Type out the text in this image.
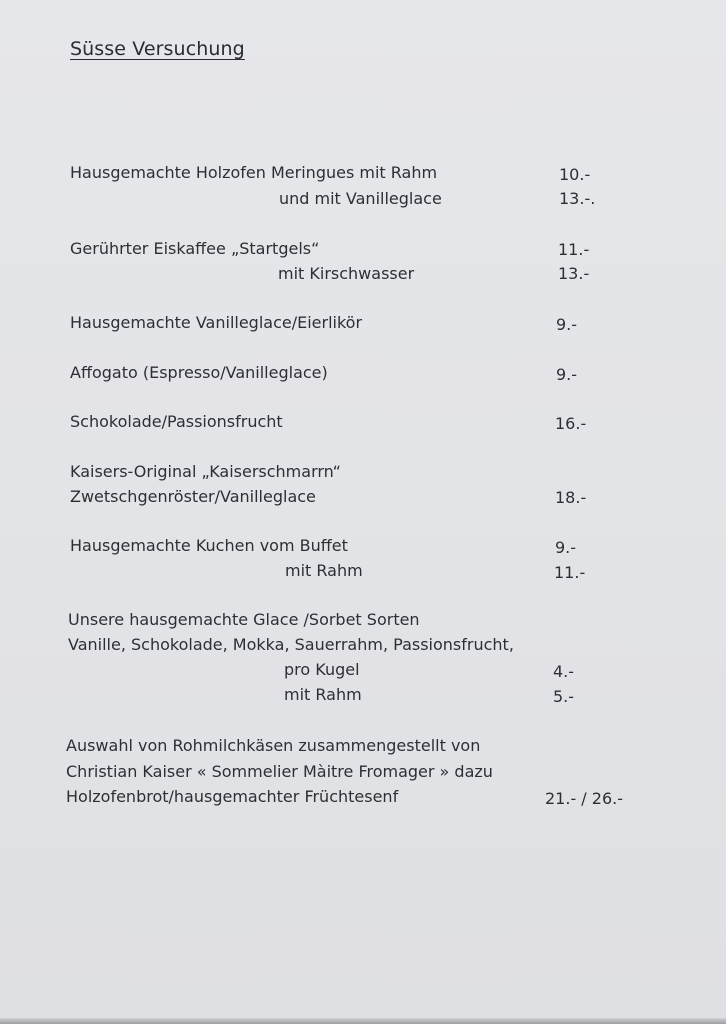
Süsse Versuchung
Hausgemachte Holzofen Meringues mit Rahm	10.-
und mit Vanilleglace	13.-.
Gerührter Eiskaffee „Startgels“	11.-
mit Kirschwasser	13.-
Hausgemachte Vanilleglace/Eierlikör	9.-
Affogato (Espresso/Vanilleglace)	9.-
Schokolade/Passionsfrucht	16.-
Kaisers-Original „Kaiserschmarrn“
Zwetschgenröster/Vanilleglace	18.-
Hausgemachte Kuchen vom Buffet	9.-
mit Rahm	11.-
Unsere hausgemachte Glace /Sorbet Sorten
Vanille, Schokolade, Mokka, Sauerrahm, Passionsfrucht,
pro Kugel	4.-
mit Rahm	5.-
Auswahl von Rohmilchkäsen zusammengestellt von
Christian Kaiser « Sommelier Màitre Fromager » dazu
Holzofenbrot/hausgemachter Früchtesenf	21.- / 26.-
